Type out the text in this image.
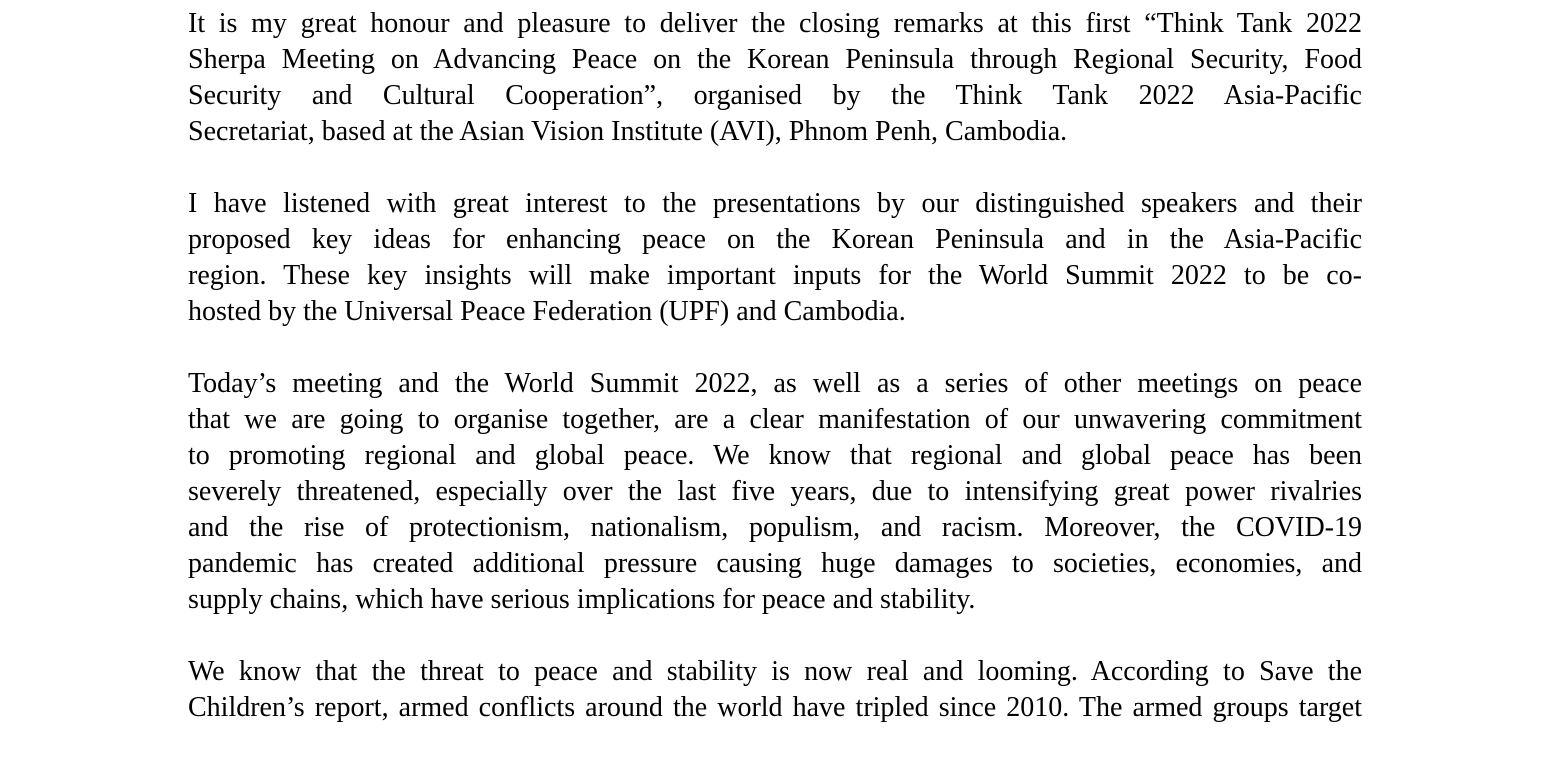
It is my great honour and pleasure to deliver the closing remarks at this first “Think Tank 2022
Sherpa Meeting on Advancing Peace on the Korean Peninsula through Regional Security, Food
Security and Cultural Cooperation”, organised by the Think Tank 2022 Asia-Pacific
Secretariat, based at the Asian Vision Institute (AVI), Phnom Penh, Cambodia.

I have listened with great interest to the presentations by our distinguished speakers and their
proposed key ideas for enhancing peace on the Korean Peninsula and in the Asia-Pacific
region. These key insights will make important inputs for the World Summit 2022 to be co-
hosted by the Universal Peace Federation (UPF) and Cambodia.

Today’s meeting and the World Summit 2022, as well as a series of other meetings on peace
that we are going to organise together, are a clear manifestation of our unwavering commitment
to promoting regional and global peace. We know that regional and global peace has been
severely threatened, especially over the last five years, due to intensifying great power rivalries
and the rise of protectionism, nationalism, populism, and racism. Moreover, the COVID-19
pandemic has created additional pressure causing huge damages to societies, economies, and
supply chains, which have serious implications for peace and stability.

We know that the threat to peace and stability is now real and looming. According to Save the
Children’s report, armed conflicts around the world have tripled since 2010. The armed groups target
